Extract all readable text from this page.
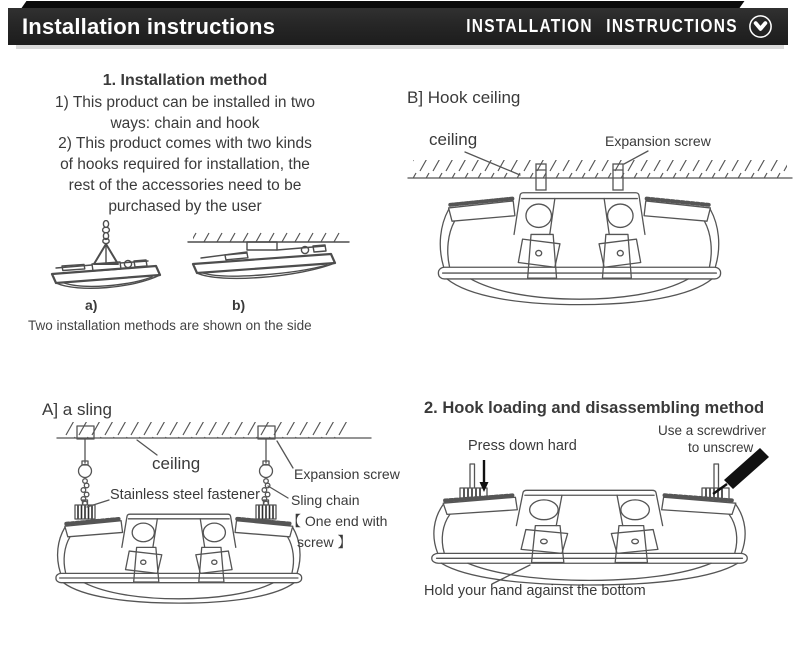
Installation instructions	INSTALLATION INSTRUCTIONS
1. Installation method
1) This product can be installed in two
ways: chain and hook
2) This product comes with two kinds
of hooks required for installation, the
rest of the accessories need to be
purchased by the user
a)	b)
Two installation methods are shown on the side
B] Hook ceiling
ceiling	Expansion screw
A] a sling
ceiling
Expansion screw
Stainless steel fastener Sling chain
【 One end with
screw 】
2. Hook loading and disassembling method
Press down hard
Use a screwdriver
to unscrew
Hold your hand against the bottom
